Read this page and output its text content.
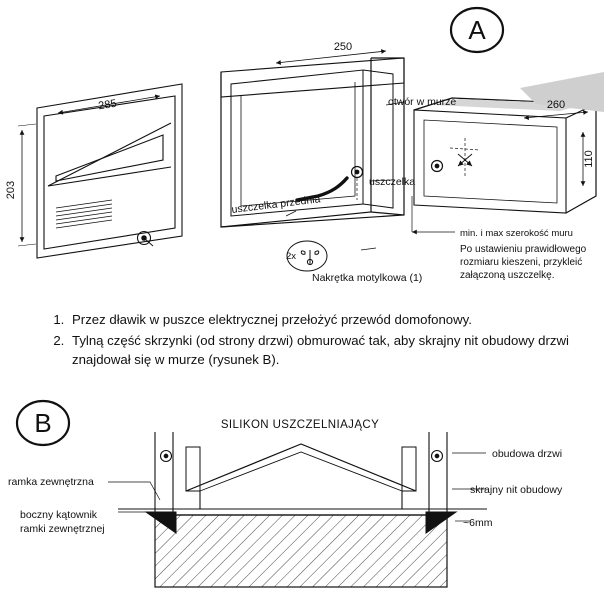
A
285
203
250
260
110
otwór w murze
uszczelka
uszczelka przednia
2x
Nakrętka motylkowa (1)
min. i max szerokość muru
Po ustawieniu prawidłowego
rozmiaru kieszeni, przykleić
załączoną uszczelkę.
1. Przez dławik w puszce elektrycznej przełożyć przewód domofonowy.
2. Tylną część skrzynki (od strony drzwi) obmurować tak, aby skrajny nit obudowy drzwi znajdował się w murze (rysunek B).
B	SILIKON USZCZELNIAJĄCY
ramka zewnętrzna
boczny kątownik
ramki zewnętrznej
obudowa drzwi
skrajny nit obudowy
~6mm
